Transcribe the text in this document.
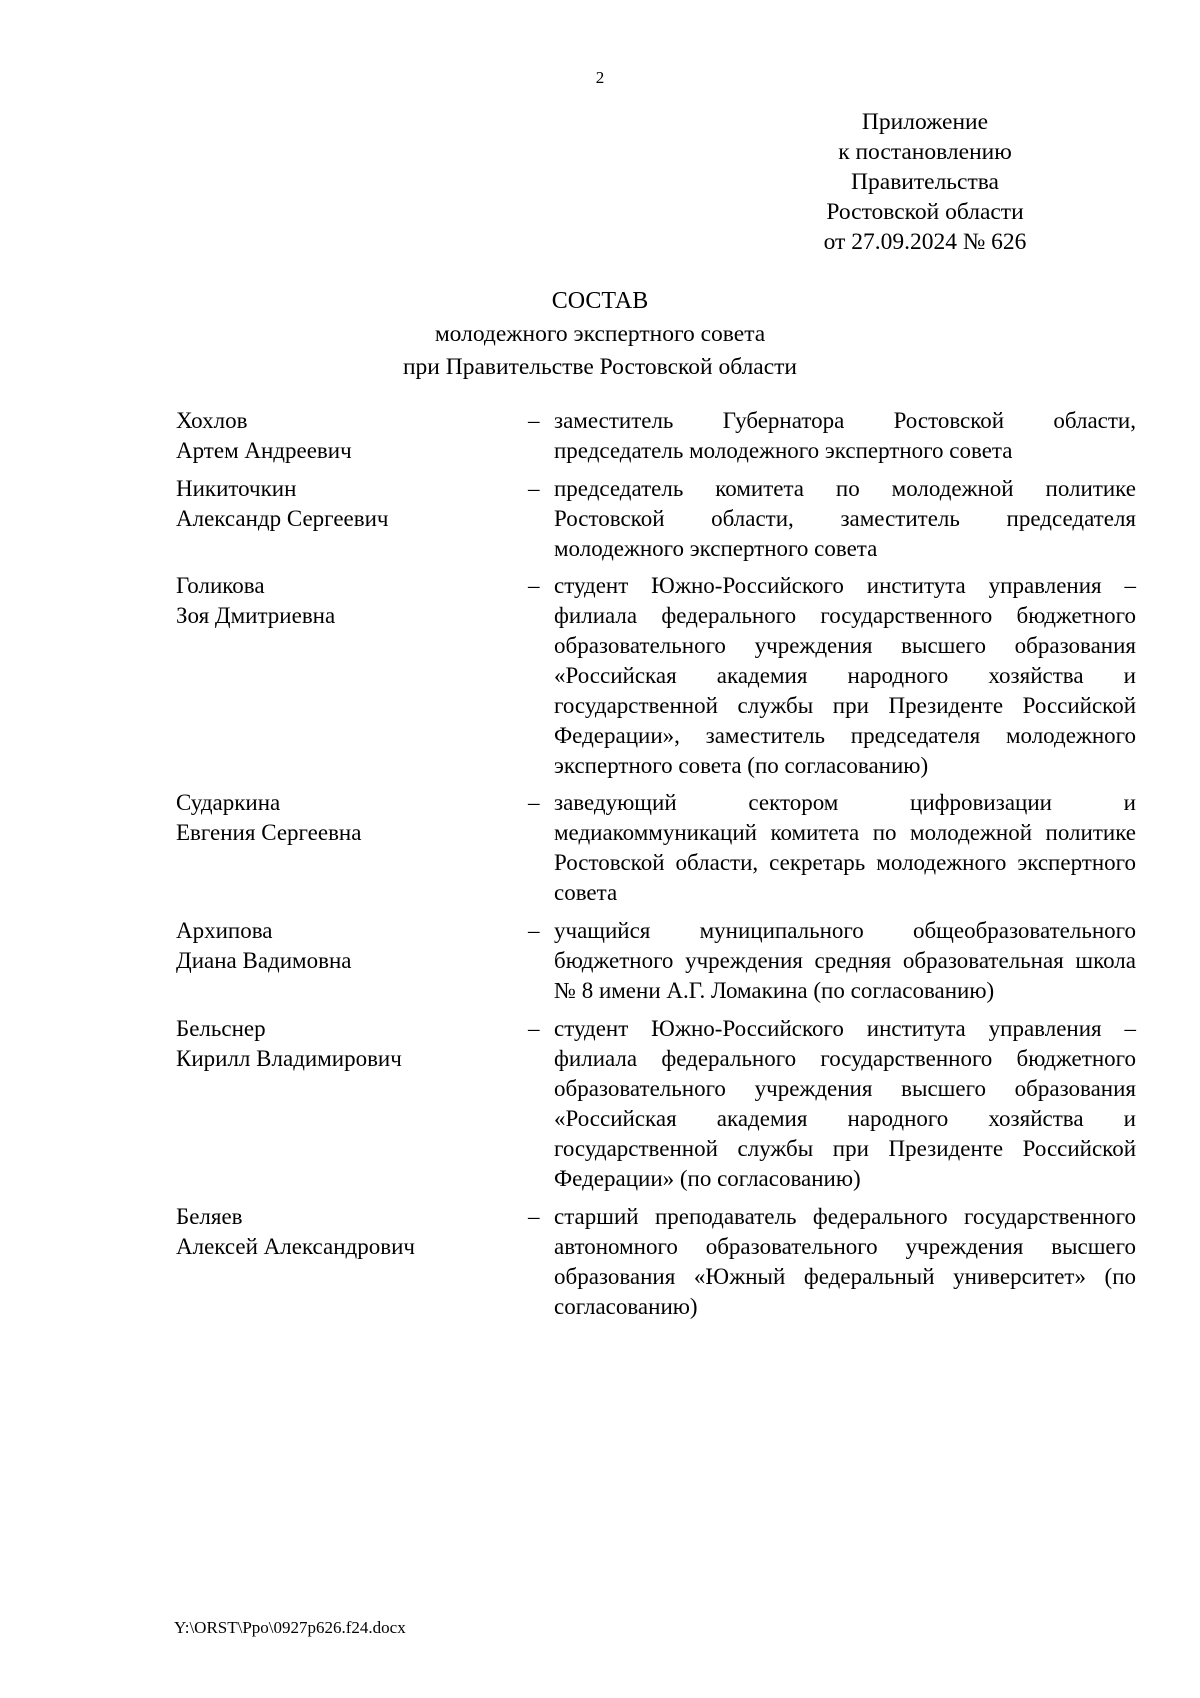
2
Приложение
к постановлению
Правительства
Ростовской области
от 27.09.2024 № 626
СОСТАВ
молодежного экспертного совета
при Правительстве Ростовской области
Хохлов
Артем Андреевич
– заместитель Губернатора Ростовской области, председатель молодежного экспертного совета
Никиточкин
Александр Сергеевич
– председатель комитета по молодежной политике Ростовской области, заместитель председателя молодежного экспертного совета
Голикова
Зоя Дмитриевна
– студент Южно-Российского института управления – филиала федерального государственного бюджетного образовательного учреждения высшего образования «Российская академия народного хозяйства и государственной службы при Президенте Российской Федерации», заместитель председателя молодежного экспертного совета (по согласованию)
Сударкина
Евгения Сергеевна
– заведующий сектором цифровизации и медиакоммуникаций комитета по молодежной политике Ростовской области, секретарь молодежного экспертного совета
Архипова
Диана Вадимовна
– учащийся муниципального общеобразовательного бюджетного учреждения средняя образовательная школа № 8 имени А.Г. Ломакина (по согласованию)
Бельснер
Кирилл Владимирович
– студент Южно-Российского института управления – филиала федерального государственного бюджетного образовательного учреждения высшего образования «Российская академия народного хозяйства и государственной службы при Президенте Российской Федерации» (по согласованию)
Беляев
Алексей Александрович
– старший преподаватель федерального государственного автономного образовательного учреждения высшего образования «Южный федеральный университет» (по согласованию)
Y:\ORST\Ppo\0927p626.f24.docx
